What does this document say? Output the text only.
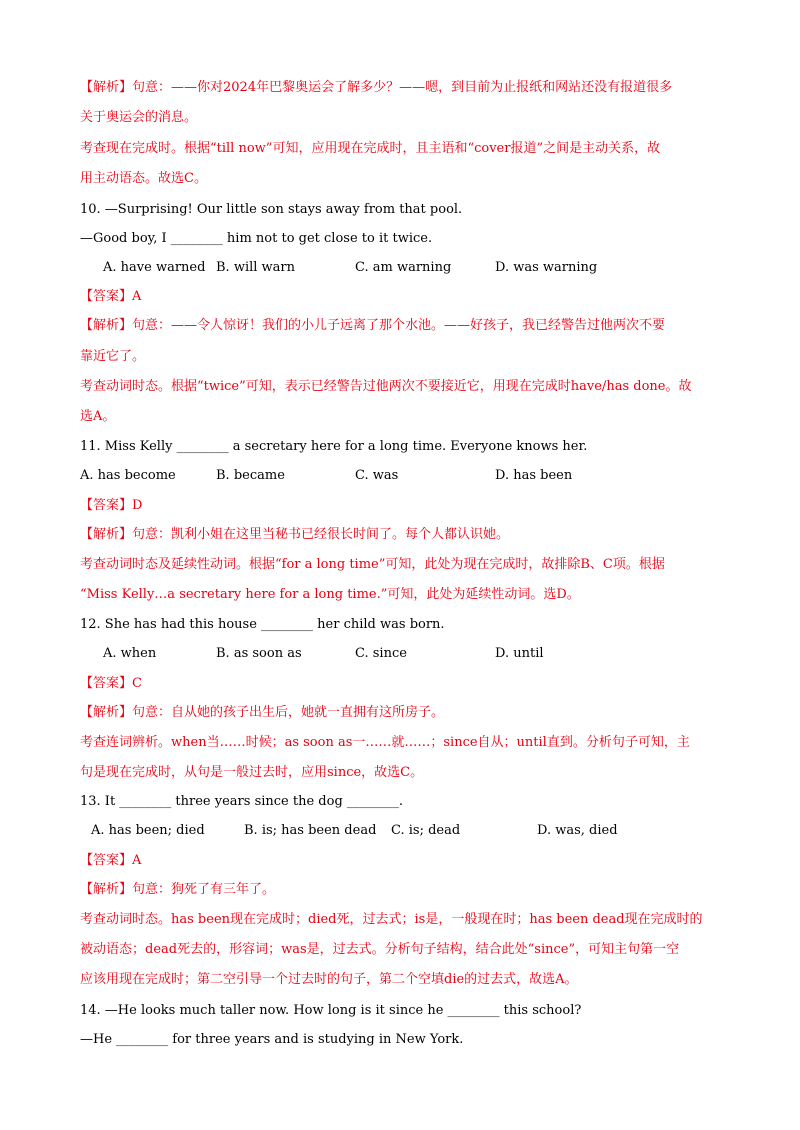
【解析】句意：——你对2024年巴黎奥运会了解多少？——嗯，到目前为止报纸和网站还没有报道很多
关于奥运会的消息。
考查现在完成时。根据“till now”可知，应用现在完成时，且主语和“cover报道”之间是主动关系，故
用主动语态。故选C。
10. —Surprising! Our little son stays away from that pool.
—Good boy, I ________ him not to get close to it twice.
【答案】A
【解析】句意：——令人惊讶！我们的小儿子远离了那个水池。——好孩子，我已经警告过他两次不要
靠近它了。
考查动词时态。根据“twice”可知，表示已经警告过他两次不要接近它，用现在完成时have/has done。故
选A。
11. Miss Kelly ________ a secretary here for a long time. Everyone knows her.
【答案】D
【解析】句意：凯利小姐在这里当秘书已经很长时间了。每个人都认识她。
考查动词时态及延续性动词。根据“for a long time”可知，此处为现在完成时，故排除B、C项。根据
“Miss Kelly…a secretary here for a long time.”可知，此处为延续性动词。选D。
12. She has had this house ________ her child was born.
【答案】C
【解析】句意：自从她的孩子出生后，她就一直拥有这所房子。
考查连词辨析。when当……时候；as soon as一……就……；since自从；until直到。分析句子可知，主
句是现在完成时，从句是一般过去时，应用since，故选C。
13. It ________ three years since the dog ________.
【答案】A
【解析】句意：狗死了有三年了。
考查动词时态。has been现在完成时；died死，过去式；is是，一般现在时；has been dead现在完成时的
被动语态；dead死去的，形容词；was是，过去式。分析句子结构，结合此处“since”，可知主句第一空
应该用现在完成时；第二空引导一个过去时的句子，第二个空填die的过去式，故选A。
14. —He looks much taller now. How long is it since he ________ this school?
—He ________ for three years and is studying in New York.
A. have warned B. will warn	C. am warning	D. was warning
A. has become	B. became	C. was	D. has been
A. when	B. as soon as	C. since	D. until
A. has been; died	B. is; has been dead C. is; dead	D. was, died
